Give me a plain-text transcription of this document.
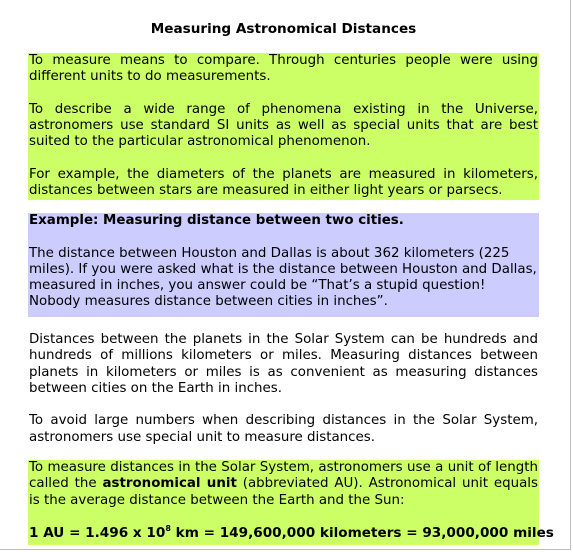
Measuring Astronomical Distances

To measure means to compare. Through centuries people were using different units to do measurements.

To describe a wide range of phenomena existing in the Universe, astronomers use standard SI units as well as special units that are best suited to the particular astronomical phenomenon.

For example, the diameters of the planets are measured in kilometers, distances between stars are measured in either light years or parsecs.

Example: Measuring distance between two cities.

The distance between Houston and Dallas is about 362 kilometers (225 miles). If you were asked what is the distance between Houston and Dallas, measured in inches, you answer could be “That’s a stupid question! Nobody measures distance between cities in inches”.

Distances between the planets in the Solar System can be hundreds and hundreds of millions kilometers or miles. Measuring distances between planets in kilometers or miles is as convenient as measuring distances between cities on the Earth in inches.

To avoid large numbers when describing distances in the Solar System, astronomers use special unit to measure distances.

To measure distances in the Solar System, astronomers use a unit of length called the astronomical unit (abbreviated AU). Astronomical unit equals is the average distance between the Earth and the Sun:

1 AU = 1.496 x $10^8$ km = 149,600,000 kilometers = 93,000,000 miles
